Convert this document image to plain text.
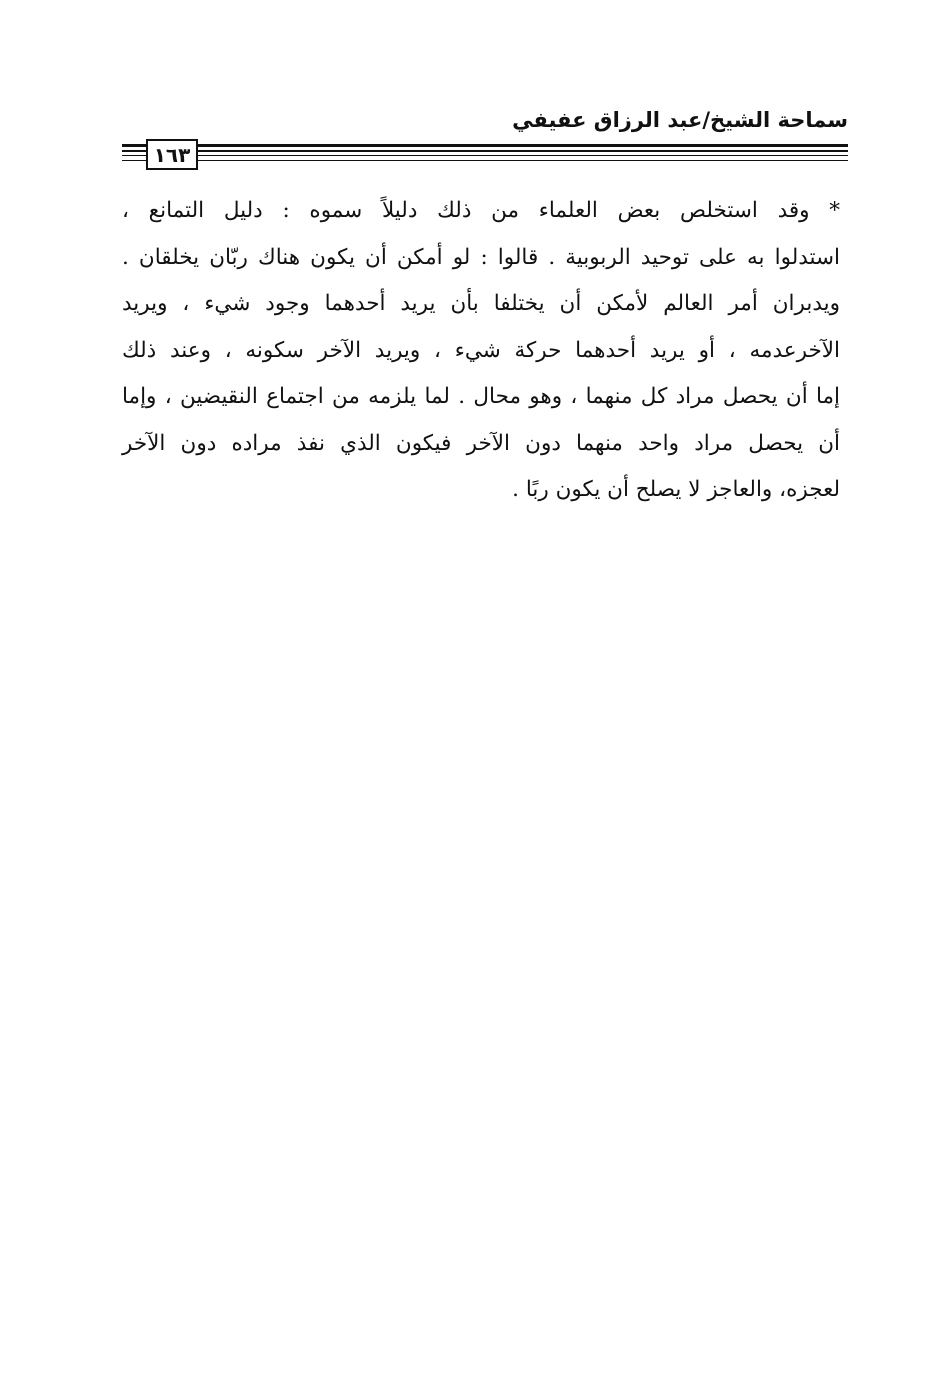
سماحة الشيخ/عبد الرزاق عفيفي
١٦٣
* وقد استخلص بعض العلماء من ذلك دليلاً سموه : دليل التمانع ،
استدلوا به على توحيد الربوبية . قالوا : لو أمكن أن يكون هناك ربّان يخلقان .
ويدبران أمر العالم لأمكن أن يختلفا بأن يريد أحدهما وجود شيء ، ويريد
الآخرعدمه ، أو يريد أحدهما حركة شيء ، ويريد الآخر سكونه ، وعند ذلك
إما أن يحصل مراد كل منهما ، وهو محال . لما يلزمه من اجتماع النقيضين ، وإما
أن يحصل مراد واحد منهما دون الآخر فيكون الذي نفذ مراده دون الآخر
لعجزه، والعاجز لا يصلح أن يكون ربًا .
